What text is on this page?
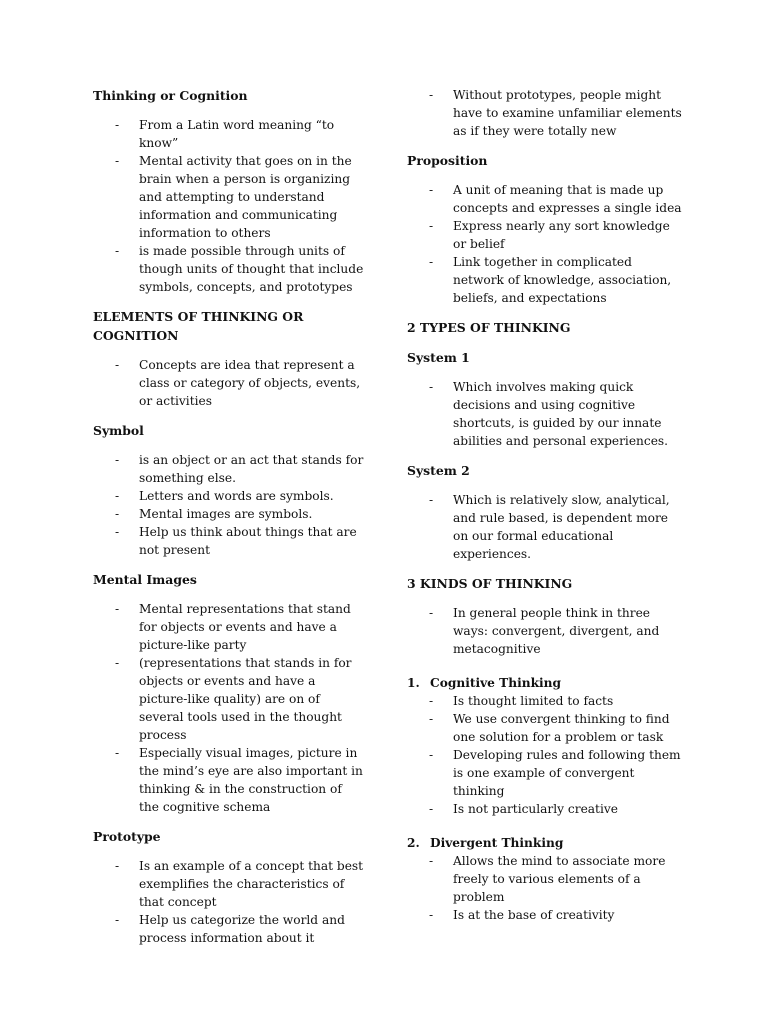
Thinking or Cognition
- From a Latin word meaning “to know”
- Mental activity that goes on in the brain when a person is organizing and attempting to understand information and communicating information to others
- is made possible through units of though units of thought that include symbols, concepts, and prototypes
ELEMENTS OF THINKING OR COGNITION
- Concepts are idea that represent a class or category of objects, events, or activities
Symbol
- is an object or an act that stands for something else.
- Letters and words are symbols.
- Mental images are symbols.
- Help us think about things that are not present
Mental Images
- Mental representations that stand for objects or events and have a picture-like party
- (representations that stands in for objects or events and have a picture-like quality) are on of several tools used in the thought process
- Especially visual images, picture in the mind’s eye are also important in thinking & in the construction of the cognitive schema
Prototype
- Is an example of a concept that best exemplifies the characteristics of that concept
- Help us categorize the world and process information about it
- Without prototypes, people might have to examine unfamiliar elements as if they were totally new
Proposition
- A unit of meaning that is made up concepts and expresses a single idea
- Express nearly any sort knowledge or belief
- Link together in complicated network of knowledge, association, beliefs, and expectations
2 TYPES OF THINKING
System 1
- Which involves making quick decisions and using cognitive shortcuts, is guided by our innate abilities and personal experiences.
System 2
- Which is relatively slow, analytical, and rule based, is dependent more on our formal educational experiences.
3 KINDS OF THINKING
- In general people think in three ways: convergent, divergent, and metacognitive
1. Cognitive Thinking
- Is thought limited to facts
- We use convergent thinking to find one solution for a problem or task
- Developing rules and following them is one example of convergent thinking
- Is not particularly creative
2. Divergent Thinking
- Allows the mind to associate more freely to various elements of a problem
- Is at the base of creativity
